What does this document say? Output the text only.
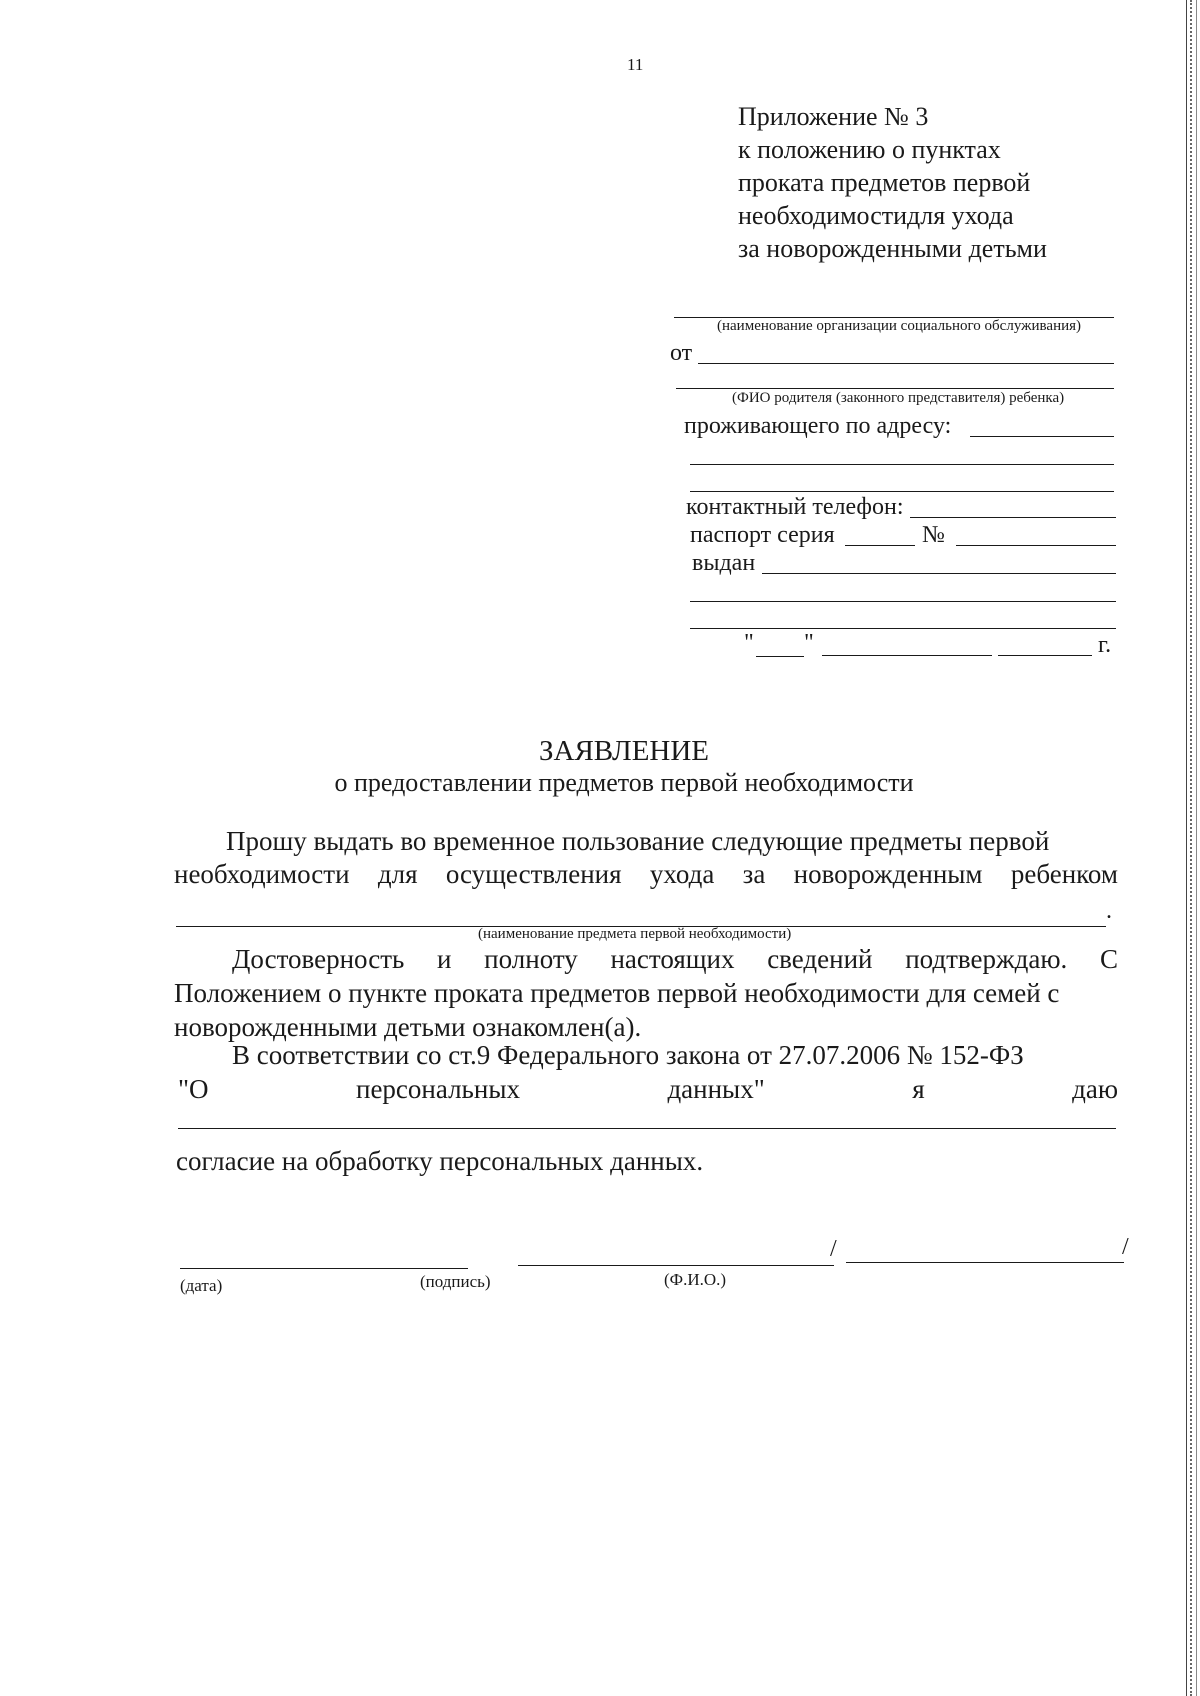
11
Приложение № 3
к положению о пунктах
проката предметов первой
необходимостидля ухода
за новорожденными детьми
(наименование организации социального обслуживания)
от
(ФИО родителя (законного представителя) ребенка)
проживающего по адресу:
контактный телефон:
паспорт серия	№
выдан
" "	г.
ЗАЯВЛЕНИЕ
о предоставлении предметов первой необходимости
Прошу выдать во временное пользование следующие предметы первой
необходимости для осуществления ухода за новорожденным ребенком
.
(наименование предмета первой необходимости)
Достоверность и полноту настоящих сведений подтверждаю. С
Положением о пункте проката предметов первой необходимости для семей с
новорожденными детьми ознакомлен(а).
В соответствии со ст.9 Федерального закона от 27.07.2006 № 152-ФЗ
"О	персональных	данных"	я	даю
согласие на обработку персональных данных.
/	/
(дата)	(подпись)	(Ф.И.О.)
